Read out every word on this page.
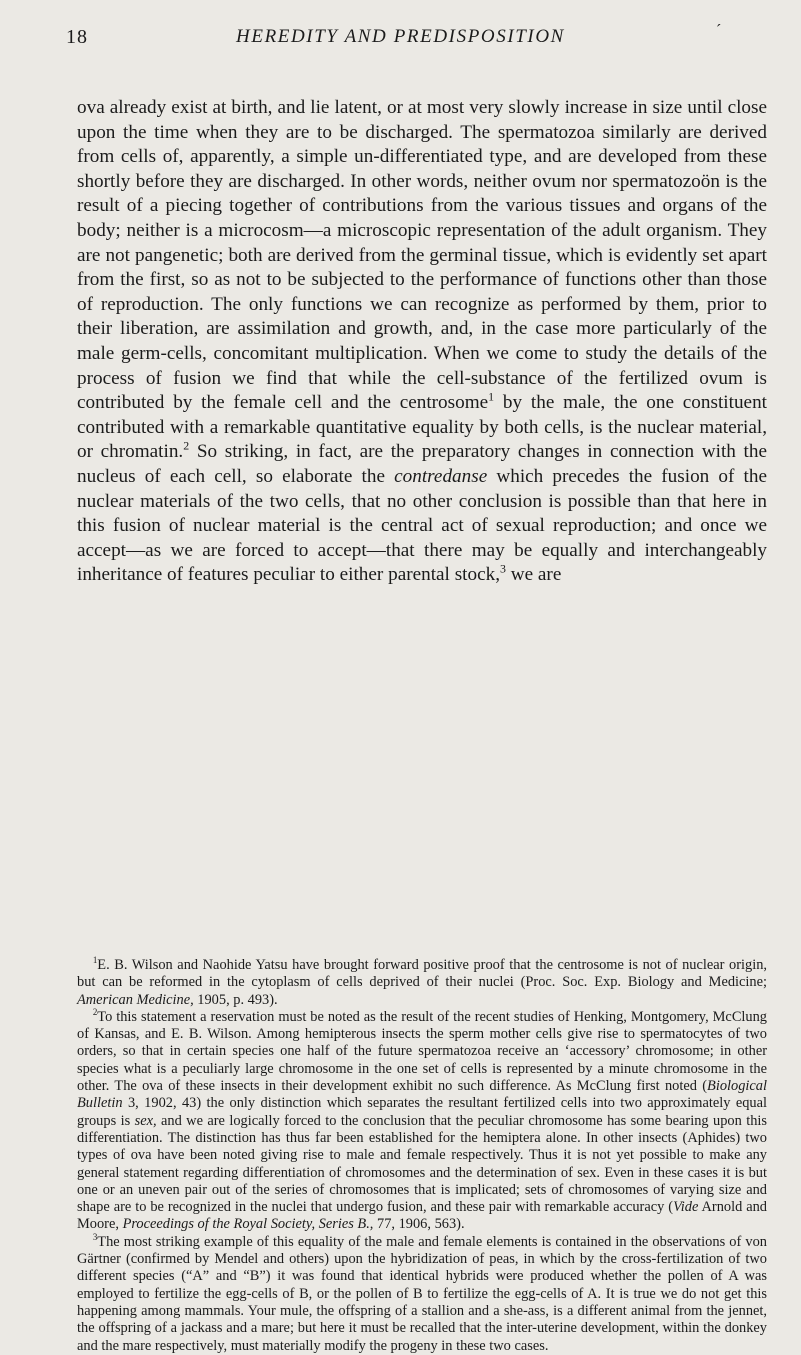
18	HEREDITY AND PREDISPOSITION	´

ova already exist at birth, and lie latent, or at most very slowly increase in size until close upon the time when they are to be discharged. The spermatozoa similarly are derived from cells of, apparently, a simple un-differentiated type, and are developed from these shortly before they are discharged. In other words, neither ovum nor spermatozoön is the result of a piecing together of contributions from the various tissues and organs of the body; neither is a microcosm—a microscopic representation of the adult organism. They are not pangenetic; both are derived from the germinal tissue, which is evidently set apart from the first, so as not to be subjected to the performance of functions other than those of reproduction. The only functions we can recognize as performed by them, prior to their liberation, are assimilation and growth, and, in the case more particularly of the male germ-cells, concomitant multiplication. When we come to study the details of the process of fusion we find that while the cell-substance of the fertilized ovum is contributed by the female cell and the centrosome$^1$ by the male, the one constituent contributed with a remarkable quantitative equality by both cells, is the nuclear material, or chromatin.$^2$ So striking, in fact, are the preparatory changes in connection with the nucleus of each cell, so elaborate the contredanse which precedes the fusion of the nuclear materials of the two cells, that no other conclusion is possible than that here in this fusion of nuclear material is the central act of sexual reproduction; and once we accept—as we are forced to accept—that there may be equally and interchangeably inheritance of features peculiar to either parental stock,$^3$ we are

$^1$E. B. Wilson and Naohide Yatsu have brought forward positive proof that the centrosome is not of nuclear origin, but can be reformed in the cytoplasm of cells deprived of their nuclei (Proc. Soc. Exp. Biology and Medicine; American Medicine, 1905, p. 493).

$^2$To this statement a reservation must be noted as the result of the recent studies of Henking, Montgomery, McClung of Kansas, and E. B. Wilson. Among hemipterous insects the sperm mother cells give rise to spermatocytes of two orders, so that in certain species one half of the future spermatozoa receive an ‘accessory’ chromosome; in other species what is a peculiarly large chromosome in the one set of cells is represented by a minute chromosome in the other. The ova of these insects in their development exhibit no such difference. As McClung first noted (Biological Bulletin 3, 1902, 43) the only distinction which separates the resultant fertilized cells into two approximately equal groups is sex, and we are logically forced to the conclusion that the peculiar chromosome has some bearing upon this differentiation. The distinction has thus far been established for the hemiptera alone. In other insects (Aphides) two types of ova have been noted giving rise to male and female respectively. Thus it is not yet possible to make any general statement regarding differentiation of chromosomes and the determination of sex. Even in these cases it is but one or an uneven pair out of the series of chromosomes that is implicated; sets of chromosomes of varying size and shape are to be recognized in the nuclei that undergo fusion, and these pair with remarkable accuracy (Vide Arnold and Moore, Proceedings of the Royal Society, Series B., 77, 1906, 563).

$^3$The most striking example of this equality of the male and female elements is contained in the observations of von Gärtner (confirmed by Mendel and others) upon the hybridization of peas, in which by the cross-fertilization of two different species (“A” and “B”) it was found that identical hybrids were produced whether the pollen of A was employed to fertilize the egg-cells of B, or the pollen of B to fertilize the egg-cells of A. It is true we do not get this happening among mammals. Your mule, the offspring of a stallion and a she-ass, is a different animal from the jennet, the offspring of a jackass and a mare; but here it must be recalled that the inter-uterine development, within the donkey and the mare respectively, must materially modify the progeny in these two cases.
